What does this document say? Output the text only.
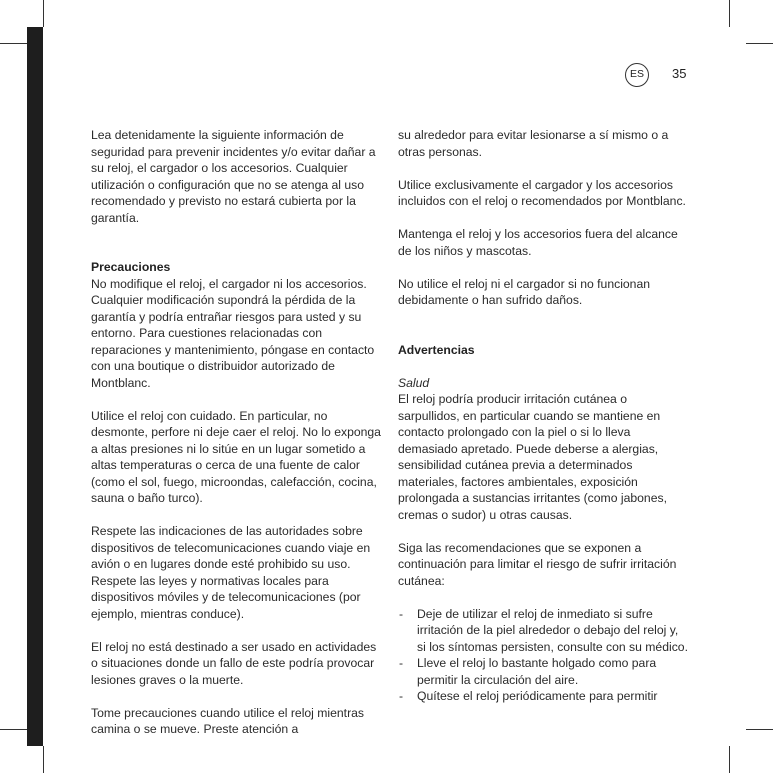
ES	35

Lea detenidamente la siguiente información de seguridad para prevenir incidentes y/o evitar dañar a su reloj, el cargador o los accesorios. Cualquier utilización o configuración que no se atenga al uso recomendado y previsto no estará cubierta por la garantía.

Precauciones

No modifique el reloj, el cargador ni los accesorios. Cualquier modificación supondrá la pérdida de la garantía y podría entrañar riesgos para usted y su entorno. Para cuestiones relacionadas con reparaciones y mantenimiento, póngase en contacto con una boutique o distribuidor autorizado de Montblanc.

Utilice el reloj con cuidado. En particular, no desmonte, perfore ni deje caer el reloj. No lo exponga a altas presiones ni lo sitúe en un lugar sometido a altas temperaturas o cerca de una fuente de calor (como el sol, fuego, microondas, calefacción, cocina, sauna o baño turco).

Respete las indicaciones de las autoridades sobre dispositivos de telecomunicaciones cuando viaje en avión o en lugares donde esté prohibido su uso. Respete las leyes y normativas locales para dispositivos móviles y de telecomunicaciones (por ejemplo, mientras conduce).

El reloj no está destinado a ser usado en actividades o situaciones donde un fallo de este podría provocar lesiones graves o la muerte.

Tome precauciones cuando utilice el reloj mientras camina o se mueve. Preste atención a

su alrededor para evitar lesionarse a sí mismo o a otras personas.

Utilice exclusivamente el cargador y los accesorios incluidos con el reloj o recomendados por Montblanc.

Mantenga el reloj y los accesorios fuera del alcance de los niños y mascotas.

No utilice el reloj ni el cargador si no funcionan debidamente o han sufrido daños.

Advertencias
Salud

El reloj podría producir irritación cutánea o sarpullidos, en particular cuando se mantiene en contacto prolongado con la piel o si lo lleva demasiado apretado. Puede deberse a alergias, sensibilidad cutánea previa a determinados materiales, factores ambientales, exposición prolongada a sustancias irritantes (como jabones, cremas o sudor) u otras causas.

Siga las recomendaciones que se exponen a continuación para limitar el riesgo de sufrir irritación cutánea:

- Deje de utilizar el reloj de inmediato si sufre irritación de la piel alrededor o debajo del reloj y, si los síntomas persisten, consulte con su médico.
- Lleve el reloj lo bastante holgado como para permitir la circulación del aire.
- Quítese el reloj periódicamente para permitir
